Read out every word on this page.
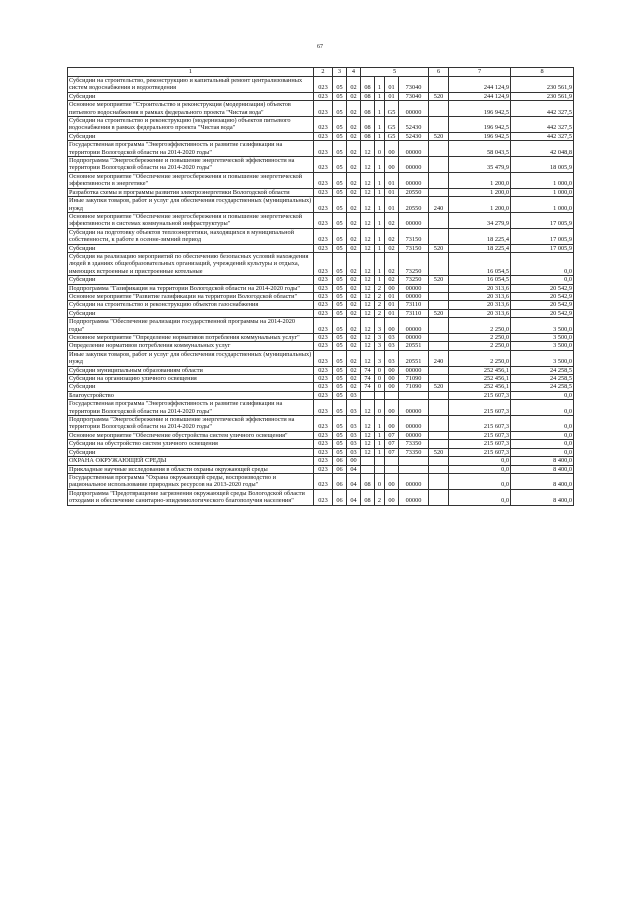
67
1	2	3	4	5				6	7	8
Субсидии на строительство, реконструкцию и капитальный ремонт централизованных систем водоснабжения и водоотведения	023	05	02	08	1	01	73040		244 124,9	230 561,9
Субсидии	023	05	02	08	1	01	73040	520	244 124,9	230 561,9
Основное мероприятие "Строительство и реконструкция (модернизация) объектов питьевого водоснабжения в рамках федерального проекта "Чистая вода"	023	05	02	08	1	G5	00000		196 942,5	442 327,5
Субсидии на строительство и реконструкцию (модернизацию) объектов питьевого водоснабжения в рамках федерального проекта "Чистая вода"	023	05	02	08	1	G5	52430		196 942,5	442 327,5
Субсидии	023	05	02	08	1	G5	52430	520	196 942,5	442 327,5
Государственная программа "Энергоэффективность и развитие газификации на территории Вологодской области на 2014-2020 годы"	023	05	02	12	0	00	00000		58 043,5	42 048,8
Подпрограмма "Энергосбережение и повышение энергетической эффективности на территории Вологодской области на 2014-2020 годы"	023	05	02	12	1	00	00000		35 479,9	18 005,9
Основное мероприятие "Обеспечение энергосбережения и повышение энергетической эффективности в энергетике"	023	05	02	12	1	01	00000		1 200,0	1 000,0
Разработка схемы и программы развития электроэнергетики Вологодской области	023	05	02	12	1	01	20550		1 200,0	1 000,0
Иные закупки товаров, работ и услуг для обеспечения государственных (муниципальных) нужд	023	05	02	12	1	01	20550	240	1 200,0	1 000,0
Основное мероприятие "Обеспечение энергосбережения и повышение энергетической эффективности в системах коммунальной инфраструктуры"	023	05	02	12	1	02	00000		34 279,9	17 005,9
Субсидии на подготовку объектов теплоэнергетики, находящихся в муниципальной собственности, к работе в осенне-зимний период	023	05	02	12	1	02	73150		18 225,4	17 005,9
Субсидии	023	05	02	12	1	02	73150	520	18 225,4	17 005,9
Субсидия на реализацию мероприятий по обеспечению безопасных условий нахождения людей в зданиях общеобразовательных организаций, учреждений культуры и отдыха, имеющих встроенные и пристроенные котельные	023	05	02	12	1	02	73250		16 054,5	0,0
Субсидии	023	05	02	12	1	02	73250	520	16 054,5	0,0
Подпрограмма "Газификация на территории Вологодской области на 2014-2020 годы"	023	05	02	12	2	00	00000		20 313,6	20 542,9
Основное мероприятие "Развитие газификации на территории Вологодской области"	023	05	02	12	2	01	00000		20 313,6	20 542,9
Субсидии на строительство и реконструкцию объектов газоснабжения	023	05	02	12	2	01	73110		20 313,6	20 542,9
Субсидии	023	05	02	12	2	01	73110	520	20 313,6	20 542,9
Подпрограмма "Обеспечение реализации государственной программы на 2014-2020 годы"	023	05	02	12	3	00	00000		2 250,0	3 500,0
Основное мероприятие "Определение нормативов потребления коммунальных услуг"	023	05	02	12	3	03	00000		2 250,0	3 500,0
Определение нормативов потребления коммунальных услуг	023	05	02	12	3	03	20551		2 250,0	3 500,0
Иные закупки товаров, работ и услуг для обеспечения государственных (муниципальных) нужд	023	05	02	12	3	03	20551	240	2 250,0	3 500,0
Субсидии муниципальным образованиям области	023	05	02	74	0	00	00000		252 456,1	24 258,5
Субсидии на организацию уличного освещения	023	05	02	74	0	00	71090		252 456,1	24 258,5
Субсидии	023	05	02	74	0	00	71090	520	252 456,1	24 258,5
Благоустройство	023	05	03						215 607,3	0,0
Государственная программа "Энергоэффективность и развитие газификации на территории Вологодской области на 2014-2020 годы"	023	05	03	12	0	00	00000		215 607,3	0,0
Подпрограмма "Энергосбережение и повышение энергетической эффективности на территории Вологодской области на 2014-2020 годы"	023	05	03	12	1	00	00000		215 607,3	0,0
Основное мероприятие "Обеспечение обустройства систем уличного освещения"	023	05	03	12	1	07	00000		215 607,3	0,0
Субсидии на обустройство систем уличного освещения	023	05	03	12	1	07	73350		215 607,3	0,0
Субсидии	023	05	03	12	1	07	73350	520	215 607,3	0,0
ОХРАНА ОКРУЖАЮЩЕЙ СРЕДЫ	023	06	00						0,0	8 400,0
Прикладные научные исследования в области охраны окружающей среды	023	06	04						0,0	8 400,0
Государственная программа "Охрана окружающей среды, воспроизводство и рациональное использование природных ресурсов на 2013-2020 годы"	023	06	04	08	0	00	00000		0,0	8 400,0
Подпрограмма "Предотвращение загрязнения окружающей среды Вологодской области отходами и обеспечение санитарно-эпидемиологического благополучия населения"	023	06	04	08	2	00	00000		0,0	8 400,0
